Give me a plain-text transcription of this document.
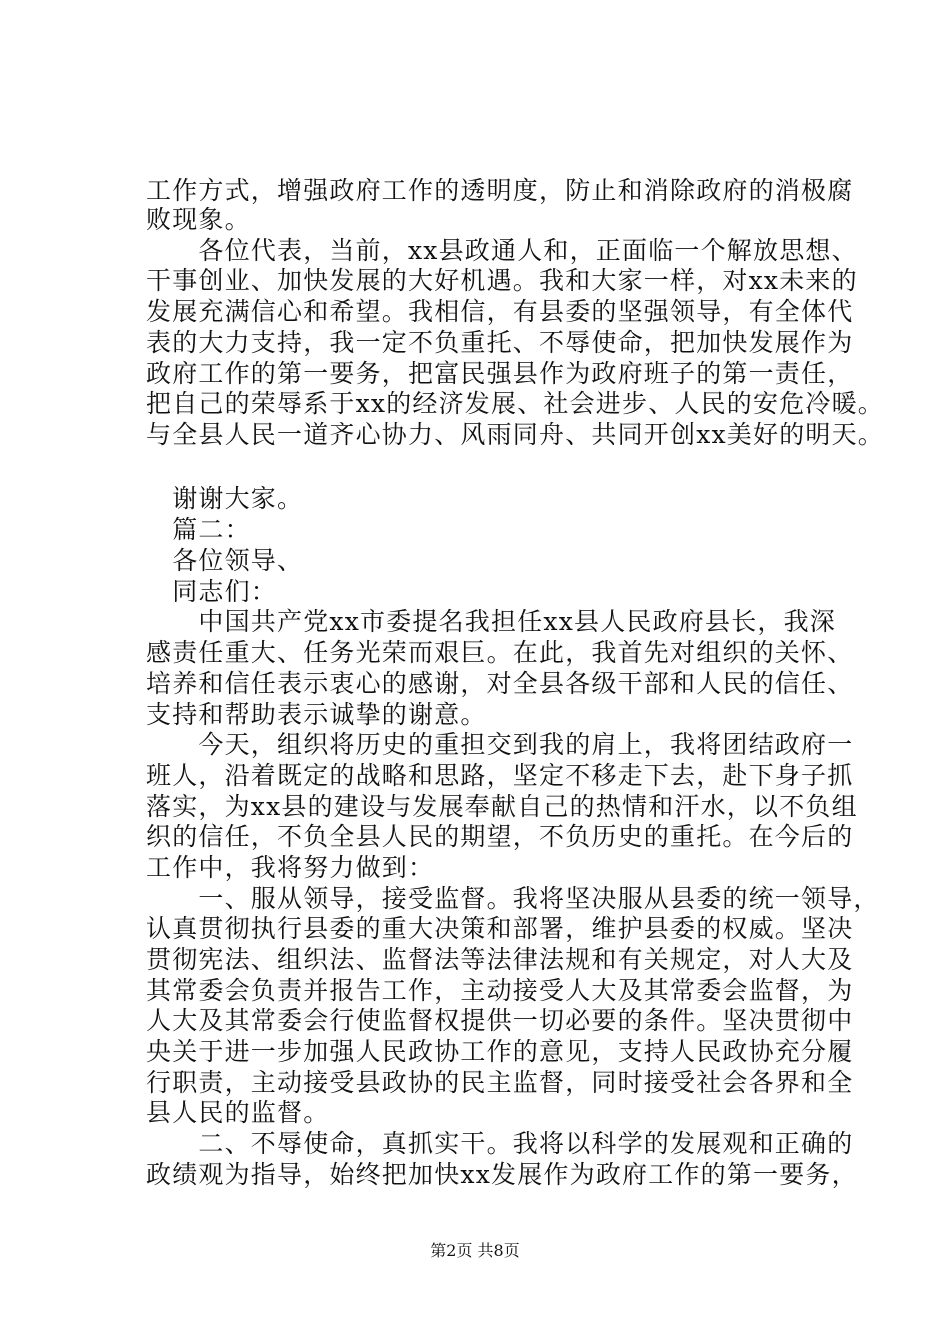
工作方式，增强政府工作的透明度，防止和消除政府的消极腐
败现象。
　　各位代表，当前，xx县政通人和，正面临一个解放思想、
干事创业、加快发展的大好机遇。我和大家一样，对xx未来的
发展充满信心和希望。我相信，有县委的坚强领导，有全体代
表的大力支持，我一定不负重托、不辱使命，把加快发展作为
政府工作的第一要务，把富民强县作为政府班子的第一责任，
把自己的荣辱系于xx的经济发展、社会进步、人民的安危冷暖。
与全县人民一道齐心协力、风雨同舟、共同开创xx美好的明天。
　谢谢大家。
　篇二：
　各位领导、
　同志们：
　　中国共产党xx市委提名我担任xx县人民政府县长，我深
感责任重大、任务光荣而艰巨。在此，我首先对组织的关怀、
培养和信任表示衷心的感谢，对全县各级干部和人民的信任、
支持和帮助表示诚挚的谢意。
　　今天，组织将历史的重担交到我的肩上，我将团结政府一
班人，沿着既定的战略和思路，坚定不移走下去，赴下身子抓
落实，为xx县的建设与发展奉献自己的热情和汗水，以不负组
织的信任，不负全县人民的期望，不负历史的重托。在今后的
工作中，我将努力做到：
　　一、服从领导，接受监督。我将坚决服从县委的统一领导，
认真贯彻执行县委的重大决策和部署，维护县委的权威。坚决
贯彻宪法、组织法、监督法等法律法规和有关规定，对人大及
其常委会负责并报告工作，主动接受人大及其常委会监督，为
人大及其常委会行使监督权提供一切必要的条件。坚决贯彻中
央关于进一步加强人民政协工作的意见，支持人民政协充分履
行职责，主动接受县政协的民主监督，同时接受社会各界和全
县人民的监督。
　　二、不辱使命，真抓实干。我将以科学的发展观和正确的
政绩观为指导，始终把加快xx发展作为政府工作的第一要务，
第2页 共8页
